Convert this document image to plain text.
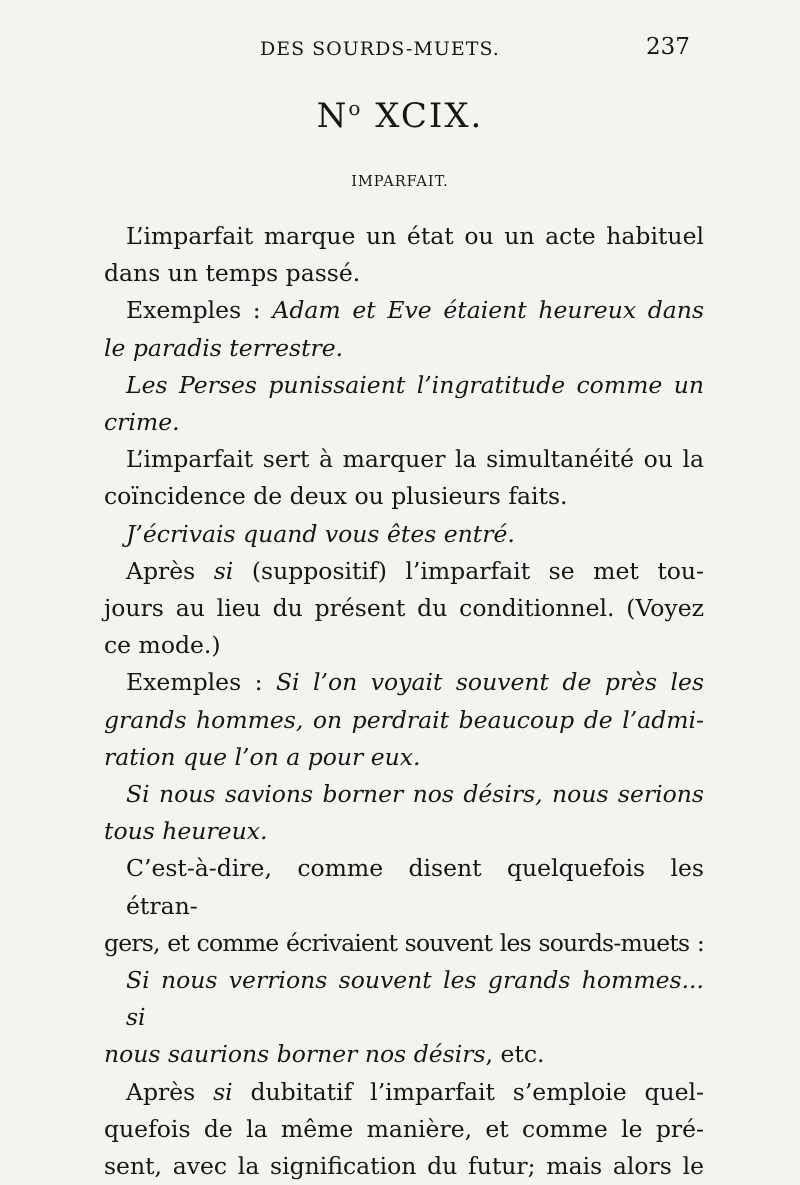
DES SOURDS-MUETS.	237
$N^o$ XCIX.
IMPARFAIT.
L’imparfait marque un état ou un acte habituel
dans un temps passé.
Exemples : Adam et Eve étaient heureux dans
le paradis terrestre.
Les Perses punissaient l’ingratitude comme un
crime.
L’imparfait sert à marquer la simultanéité ou la
coïncidence de deux ou plusieurs faits.
J’écrivais quand vous êtes entré.
Après si (suppositif) l’imparfait se met tou-
jours au lieu du présent du conditionnel. (Voyez
ce mode.)
Exemples : Si l’on voyait souvent de près les
grands hommes, on perdrait beaucoup de l’admi-
ration que l’on a pour eux.
Si nous savions borner nos désirs, nous serions
tous heureux.
C’est-à-dire, comme disent quelquefois les étran-
gers, et comme écrivaient souvent les sourds-muets :
Si nous verrions souvent les grands hommes... si
nous saurions borner nos désirs, etc.
Après si dubitatif l’imparfait s’emploie quel-
quefois de la même manière, et comme le pré-
sent, avec la signification du futur; mais alors le
